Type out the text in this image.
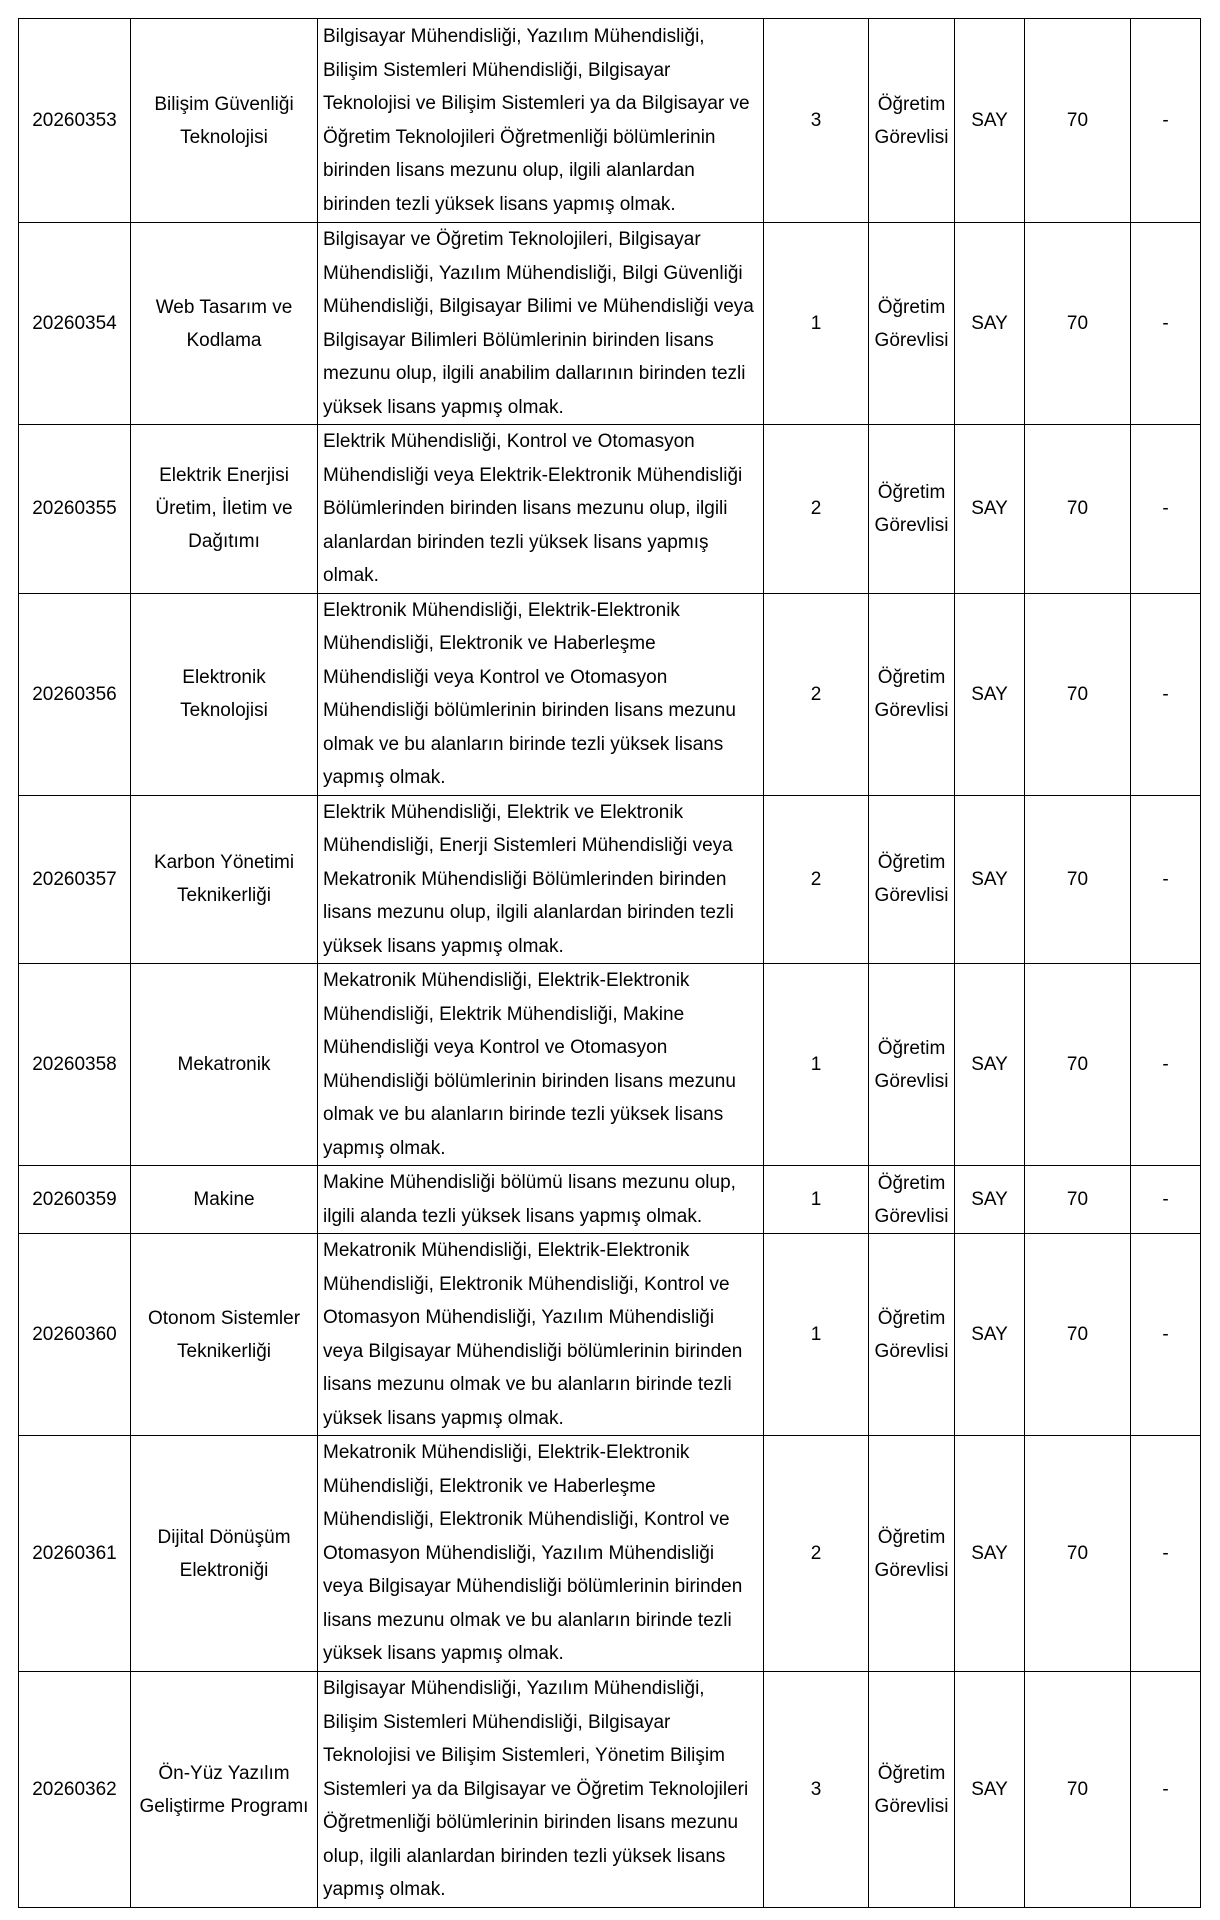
20260353	Bilişim Güvenliği Teknolojisi	Bilgisayar Mühendisliği, Yazılım Mühendisliği, Bilişim Sistemleri Mühendisliği, Bilgisayar Teknolojisi ve Bilişim Sistemleri ya da Bilgisayar ve Öğretim Teknolojileri Öğretmenliği bölümlerinin birinden lisans mezunu olup, ilgili alanlardan birinden tezli yüksek lisans yapmış olmak.	3	Öğretim Görevlisi	SAY	70	-
20260354	Web Tasarım ve Kodlama	Bilgisayar ve Öğretim Teknolojileri, Bilgisayar Mühendisliği, Yazılım Mühendisliği, Bilgi Güvenliği Mühendisliği, Bilgisayar Bilimi ve Mühendisliği veya Bilgisayar Bilimleri Bölümlerinin birinden lisans mezunu olup, ilgili anabilim dallarının birinden tezli yüksek lisans yapmış olmak.	1	Öğretim Görevlisi	SAY	70	-
20260355	Elektrik Enerjisi Üretim, İletim ve Dağıtımı	Elektrik Mühendisliği, Kontrol ve Otomasyon Mühendisliği veya Elektrik-Elektronik Mühendisliği Bölümlerinden birinden lisans mezunu olup, ilgili alanlardan birinden tezli yüksek lisans yapmış olmak.	2	Öğretim Görevlisi	SAY	70	-
20260356	Elektronik Teknolojisi	Elektronik Mühendisliği, Elektrik-Elektronik Mühendisliği, Elektronik ve Haberleşme Mühendisliği veya Kontrol ve Otomasyon Mühendisliği bölümlerinin birinden lisans mezunu olmak ve bu alanların birinde tezli yüksek lisans yapmış olmak.	2	Öğretim Görevlisi	SAY	70	-
20260357	Karbon Yönetimi Teknikerliği	Elektrik Mühendisliği, Elektrik ve Elektronik Mühendisliği, Enerji Sistemleri Mühendisliği veya Mekatronik Mühendisliği Bölümlerinden birinden lisans mezunu olup, ilgili alanlardan birinden tezli yüksek lisans yapmış olmak.	2	Öğretim Görevlisi	SAY	70	-
20260358	Mekatronik	Mekatronik Mühendisliği, Elektrik-Elektronik Mühendisliği, Elektrik Mühendisliği, Makine Mühendisliği veya Kontrol ve Otomasyon Mühendisliği bölümlerinin birinden lisans mezunu olmak ve bu alanların birinde tezli yüksek lisans yapmış olmak.	1	Öğretim Görevlisi	SAY	70	-
20260359	Makine	Makine Mühendisliği bölümü lisans mezunu olup, ilgili alanda tezli yüksek lisans yapmış olmak.	1	Öğretim Görevlisi	SAY	70	-
20260360	Otonom Sistemler Teknikerliği	Mekatronik Mühendisliği, Elektrik-Elektronik Mühendisliği, Elektronik Mühendisliği, Kontrol ve Otomasyon Mühendisliği, Yazılım Mühendisliği veya Bilgisayar Mühendisliği bölümlerinin birinden lisans mezunu olmak ve bu alanların birinde tezli yüksek lisans yapmış olmak.	1	Öğretim Görevlisi	SAY	70	-
20260361	Dijital Dönüşüm Elektroniği	Mekatronik Mühendisliği, Elektrik-Elektronik Mühendisliği, Elektronik ve Haberleşme Mühendisliği, Elektronik Mühendisliği, Kontrol ve Otomasyon Mühendisliği, Yazılım Mühendisliği veya Bilgisayar Mühendisliği bölümlerinin birinden lisans mezunu olmak ve bu alanların birinde tezli yüksek lisans yapmış olmak.	2	Öğretim Görevlisi	SAY	70	-
20260362	Ön-Yüz Yazılım Geliştirme Programı	Bilgisayar Mühendisliği, Yazılım Mühendisliği, Bilişim Sistemleri Mühendisliği, Bilgisayar Teknolojisi ve Bilişim Sistemleri, Yönetim Bilişim Sistemleri ya da Bilgisayar ve Öğretim Teknolojileri Öğretmenliği bölümlerinin birinden lisans mezunu olup, ilgili alanlardan birinden tezli yüksek lisans yapmış olmak.	3	Öğretim Görevlisi	SAY	70	-
